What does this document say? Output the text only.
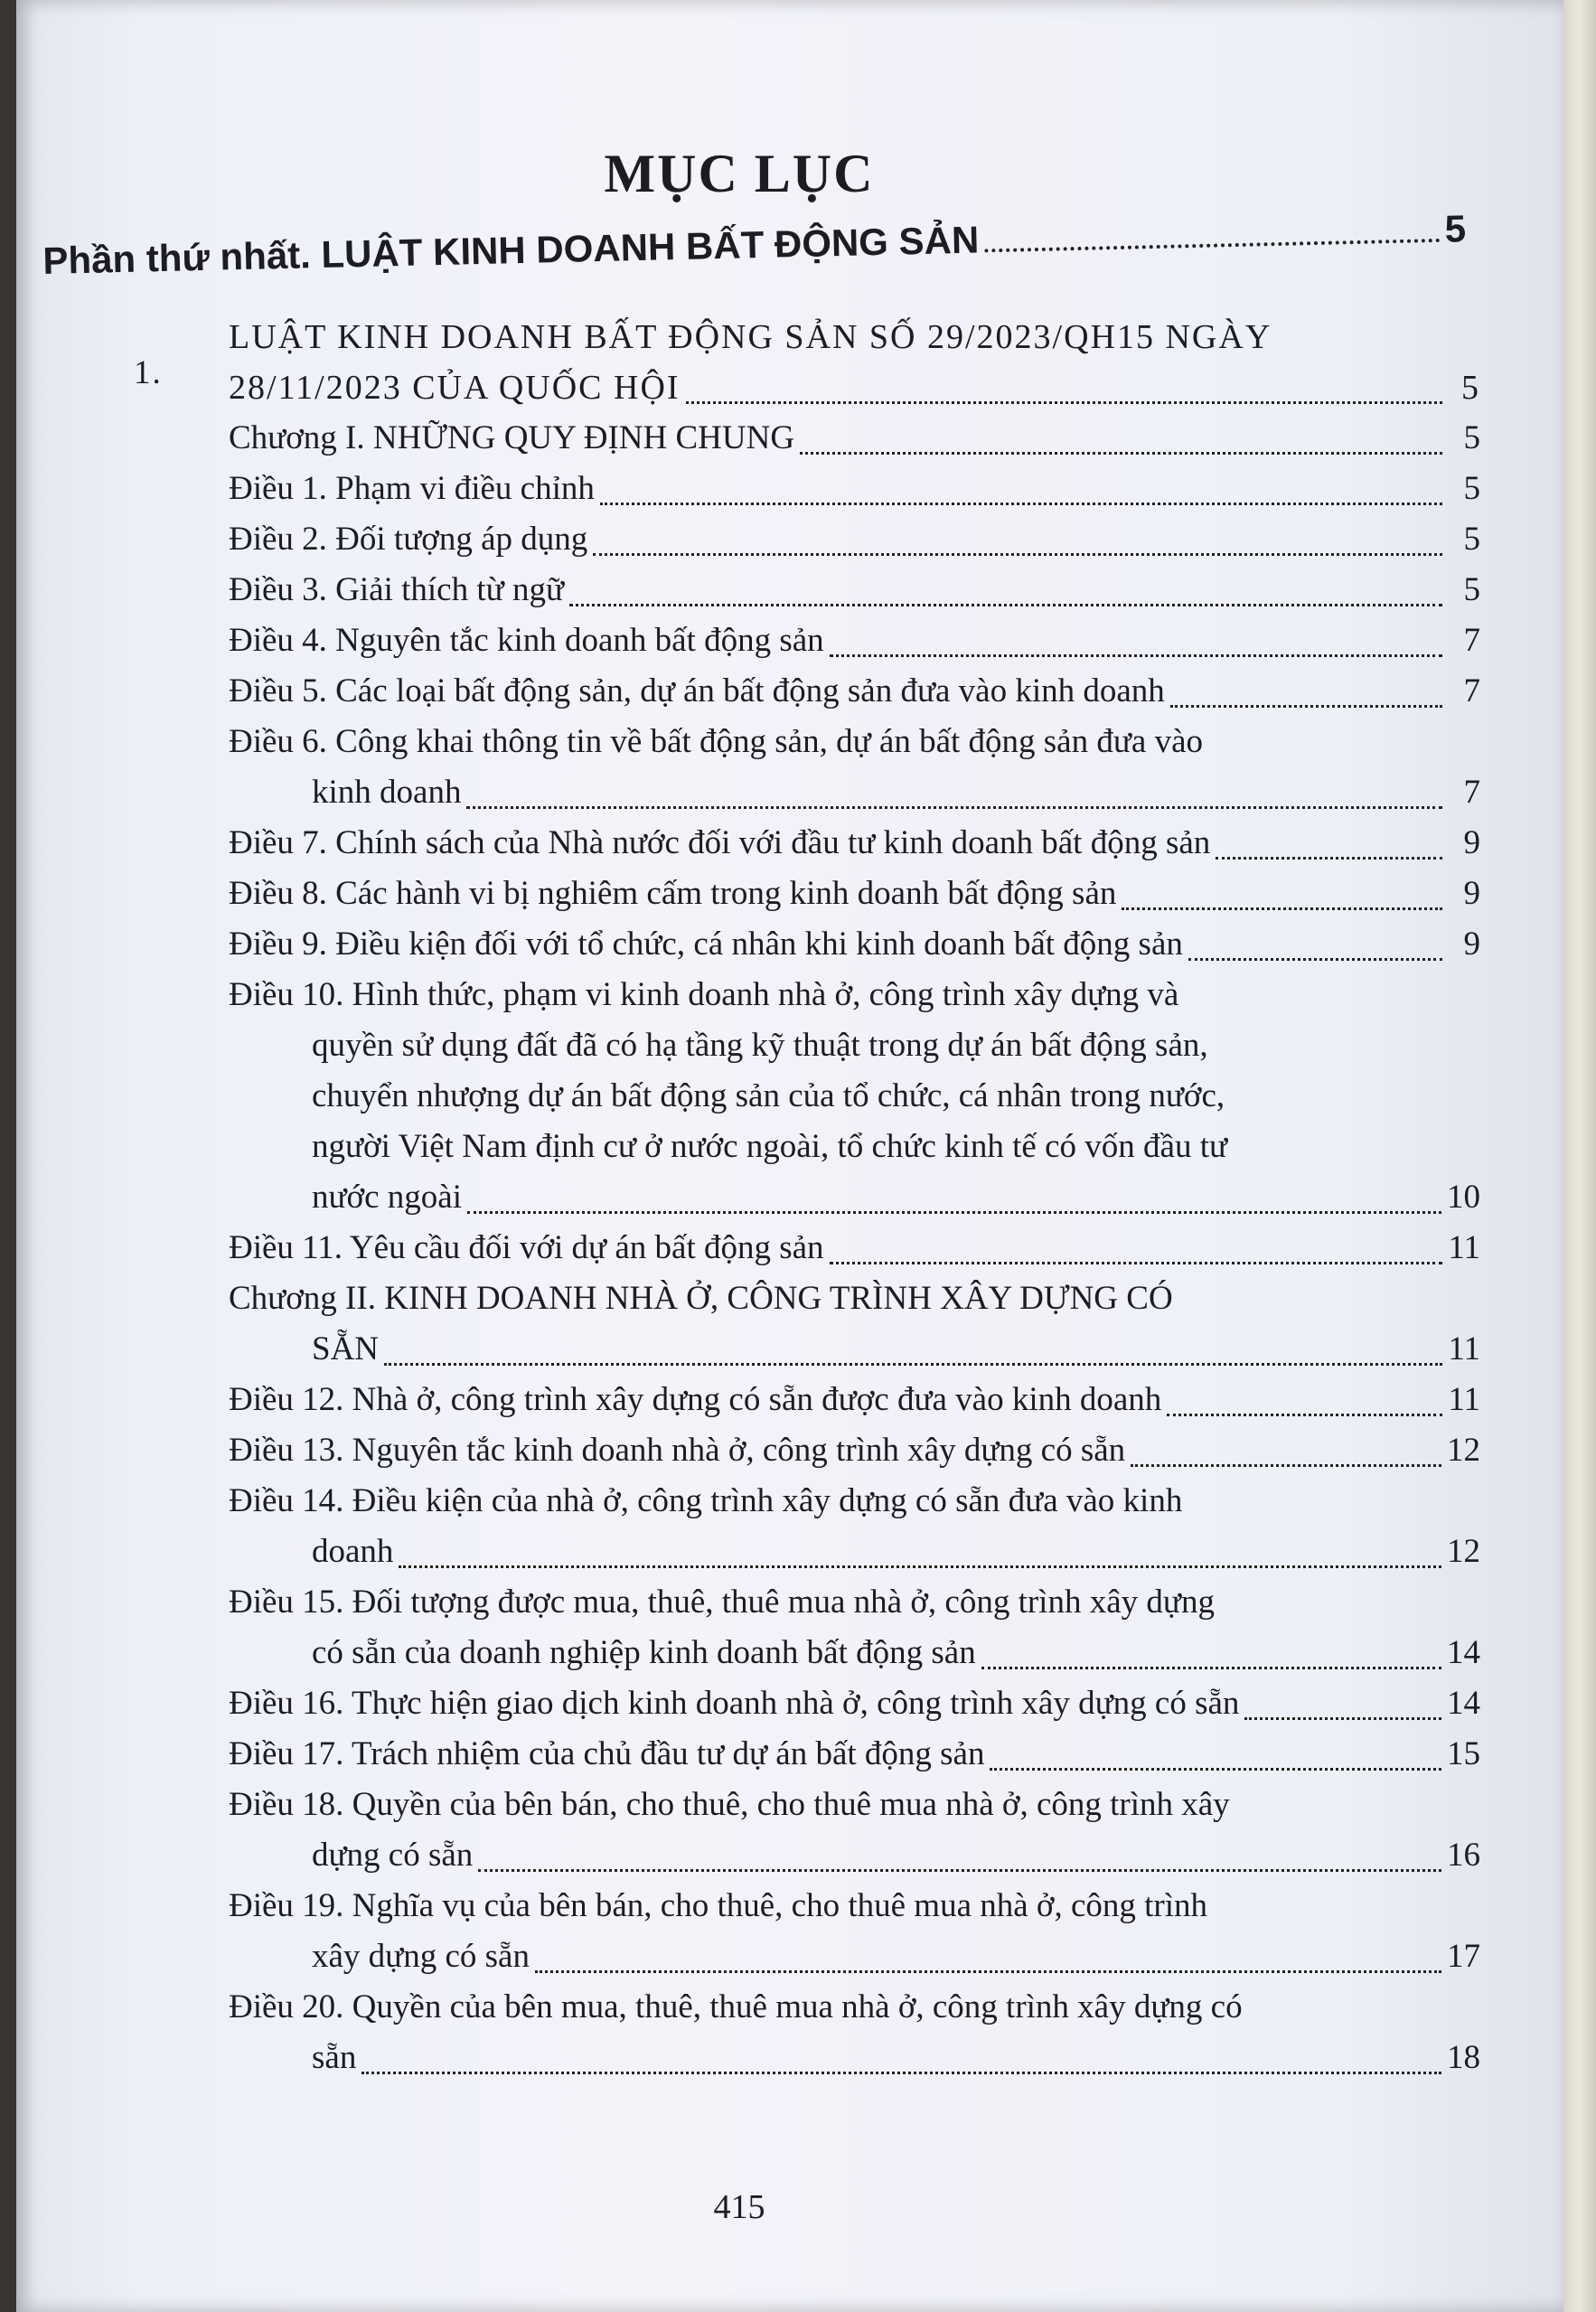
MỤC LỤC
Phần thứ nhất. LUẬT KINH DOANH BẤT ĐỘNG SẢN	5
1.
LUẬT KINH DOANH BẤT ĐỘNG SẢN SỐ 29/2023/QH15 NGÀY
28/11/2023 CỦA QUỐC HỘI	5
Chương I. NHỮNG QUY ĐỊNH CHUNG	5
Điều 1. Phạm vi điều chỉnh	5
Điều 2. Đối tượng áp dụng	5
Điều 3. Giải thích từ ngữ	5
Điều 4. Nguyên tắc kinh doanh bất động sản	7
Điều 5. Các loại bất động sản, dự án bất động sản đưa vào kinh doanh	7
Điều 6. Công khai thông tin về bất động sản, dự án bất động sản đưa vào
kinh doanh	7
Điều 7. Chính sách của Nhà nước đối với đầu tư kinh doanh bất động sản	9
Điều 8. Các hành vi bị nghiêm cấm trong kinh doanh bất động sản	9
Điều 9. Điều kiện đối với tổ chức, cá nhân khi kinh doanh bất động sản	9
Điều 10. Hình thức, phạm vi kinh doanh nhà ở, công trình xây dựng và
quyền sử dụng đất đã có hạ tầng kỹ thuật trong dự án bất động sản,
chuyển nhượng dự án bất động sản của tổ chức, cá nhân trong nước,
người Việt Nam định cư ở nước ngoài, tổ chức kinh tế có vốn đầu tư
nước ngoài	10
Điều 11. Yêu cầu đối với dự án bất động sản	11
Chương II. KINH DOANH NHÀ Ở, CÔNG TRÌNH XÂY DỰNG CÓ
SẴN	11
Điều 12. Nhà ở, công trình xây dựng có sẵn được đưa vào kinh doanh	11
Điều 13. Nguyên tắc kinh doanh nhà ở, công trình xây dựng có sẵn	12
Điều 14. Điều kiện của nhà ở, công trình xây dựng có sẵn đưa vào kinh
doanh	12
Điều 15. Đối tượng được mua, thuê, thuê mua nhà ở, công trình xây dựng
có sẵn của doanh nghiệp kinh doanh bất động sản	14
Điều 16. Thực hiện giao dịch kinh doanh nhà ở, công trình xây dựng có sẵn	14
Điều 17. Trách nhiệm của chủ đầu tư dự án bất động sản	15
Điều 18. Quyền của bên bán, cho thuê, cho thuê mua nhà ở, công trình xây
dựng có sẵn	16
Điều 19. Nghĩa vụ của bên bán, cho thuê, cho thuê mua nhà ở, công trình
xây dựng có sẵn	17
Điều 20. Quyền của bên mua, thuê, thuê mua nhà ở, công trình xây dựng có
sẵn	18
415
